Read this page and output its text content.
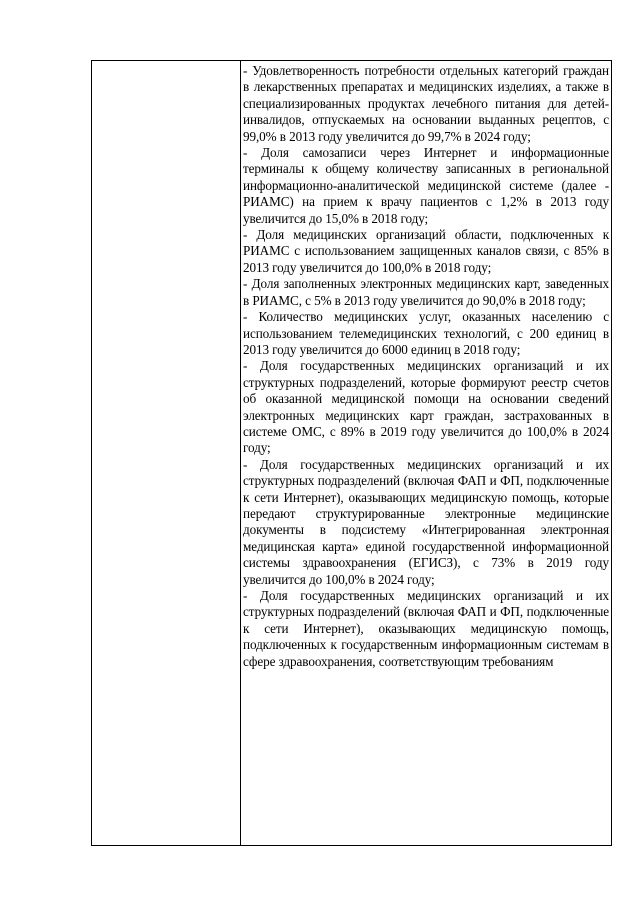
- Удовлетворенность потребности отдельных категорий граждан в лекарственных препаратах и медицинских изделиях, а также в специализированных продуктах лечебного питания для детей-инвалидов, отпускаемых на основании выданных рецептов, с 99,0% в 2013 году увеличится до 99,7% в 2024 году;

- Доля самозаписи через Интернет и информационные терминалы к общему количеству записанных в региональной информационно-аналитической медицинской системе (далее - РИАМС) на прием к врачу пациентов с 1,2% в 2013 году увеличится до 15,0% в 2018 году;

- Доля медицинских организаций области, подключенных к РИАМС с использованием защищенных каналов связи, с 85% в 2013 году увеличится до 100,0% в 2018 году;

- Доля заполненных электронных медицинских карт, заведенных в РИАМС, с 5% в 2013 году увеличится до 90,0% в 2018 году;

- Количество медицинских услуг, оказанных населению с использованием телемедицинских технологий, с 200 единиц в 2013 году увеличится до 6000 единиц в 2018 году;

- Доля государственных медицинских организаций и их структурных подразделений, которые формируют реестр счетов об оказанной медицинской помощи на основании сведений электронных медицинских карт граждан, застрахованных в системе ОМС, с 89% в 2019 году увеличится до 100,0% в 2024 году;

- Доля государственных медицинских организаций и их структурных подразделений (включая ФАП и ФП, подключенные к сети Интернет), оказывающих медицинскую помощь, которые передают структурированные электронные медицинские документы в подсистему «Интегрированная электронная медицинская карта» единой государственной информационной системы здравоохранения (ЕГИСЗ), с 73% в 2019 году увеличится до 100,0% в 2024 году;

- Доля государственных медицинских организаций и их структурных подразделений (включая ФАП и ФП, подключенные к сети Интернет), оказывающих медицинскую помощь, подключенных к государственным информационным системам в сфере здравоохранения, соответствующим требованиям
